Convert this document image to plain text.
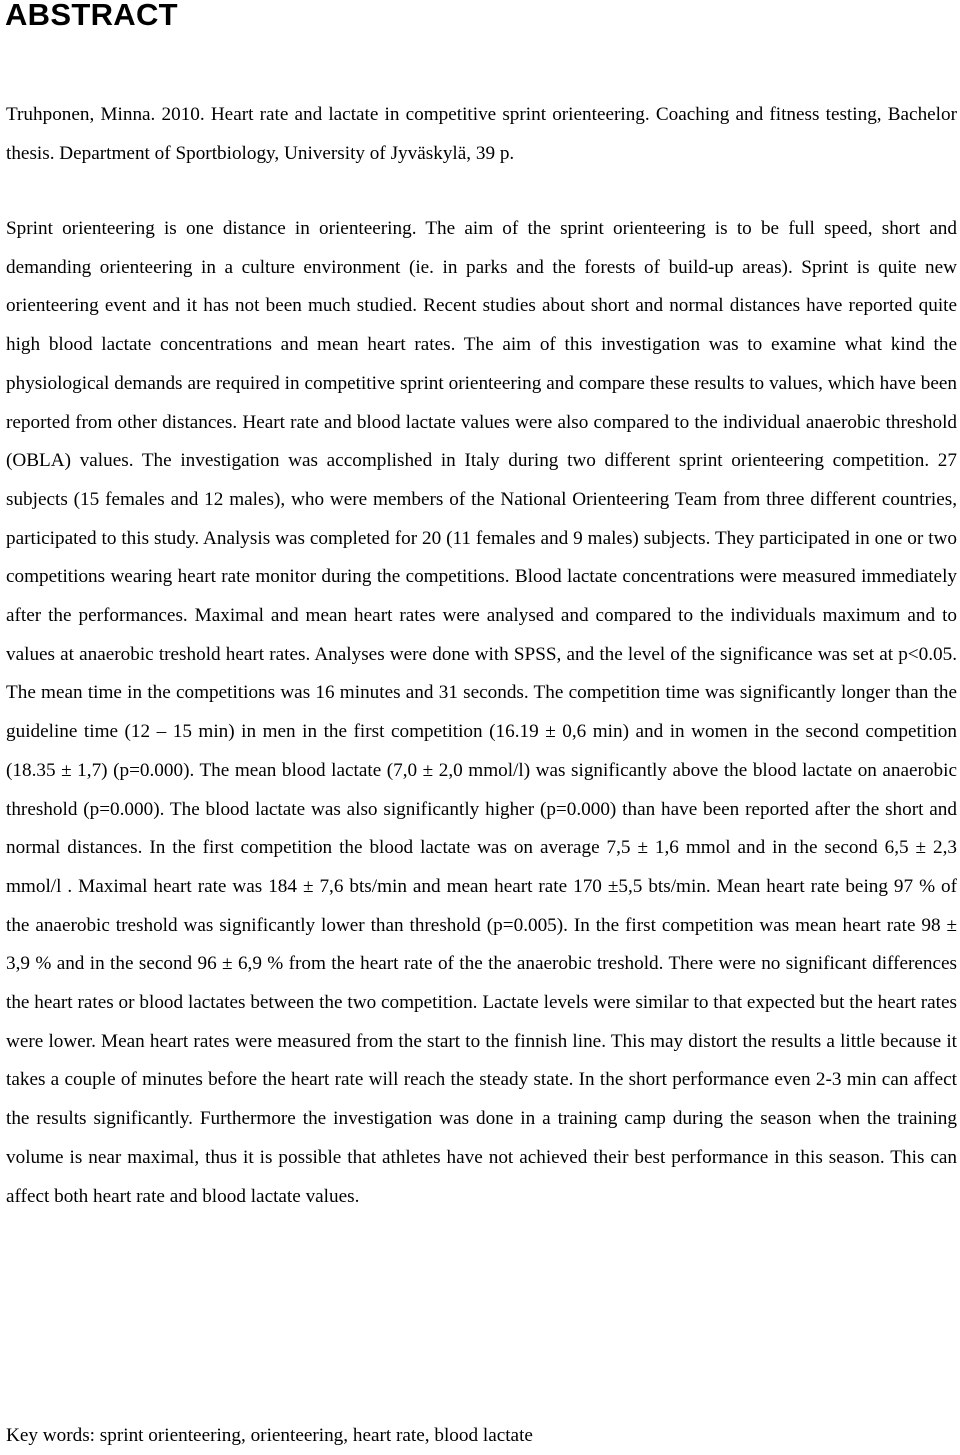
ABSTRACT

Truhponen, Minna. 2010. Heart rate and lactate in competitive sprint orienteering. Coaching and fitness testing, Bachelor thesis. Department of Sportbiology, University of Jyväskylä, 39 p.

Sprint orienteering is one distance in orienteering. The aim of the sprint orienteering is to be full speed, short and demanding orienteering in a culture environment (ie. in parks and the forests of build-up areas). Sprint is quite new orienteering event and it has not been much studied. Recent studies about short and normal distances have reported quite high blood lactate concentrations and mean heart rates. The aim of this investigation was to examine what kind the physiological demands are required in competitive sprint orienteering and compare these results to values, which have been reported from other distances. Heart rate and blood lactate values were also compared to the individual anaerobic threshold (OBLA) values. The investigation was accomplished in Italy during two different sprint orienteering competition. 27 subjects (15 females and 12 males), who were members of the National Orienteering Team from three different countries, participated to this study. Analysis was completed for 20 (11 females and 9 males) subjects. They participated in one or two competitions wearing heart rate monitor during the competitions. Blood lactate concentrations were measured immediately after the performances. Maximal and mean heart rates were analysed and compared to the individuals maximum and to values at anaerobic treshold heart rates. Analyses were done with SPSS, and the level of the significance was set at p<0.05. The mean time in the competitions was 16 minutes and 31 seconds. The competition time was significantly longer than the guideline time (12 – 15 min) in men in the first competition (16.19 ± 0,6 min) and in women in the second competition (18.35 ± 1,7) (p=0.000). The mean blood lactate (7,0 ± 2,0 mmol/l) was significantly above the blood lactate on anaerobic threshold (p=0.000). The blood lactate was also significantly higher (p=0.000) than have been reported after the short and normal distances. In the first competition the blood lactate was on average 7,5 ± 1,6 mmol and in the second 6,5 ± 2,3 mmol/l . Maximal heart rate was 184 ± 7,6 bts/min and mean heart rate 170 ±5,5 bts/min. Mean heart rate being 97 % of the anaerobic treshold was significantly lower than threshold (p=0.005). In the first competition was mean heart rate 98 ± 3,9 % and in the second 96 ± 6,9 % from the heart rate of the the anaerobic treshold. There were no significant differences the heart rates or blood lactates between the two competition. Lactate levels were similar to that expected but the heart rates were lower. Mean heart rates were measured from the start to the finnish line. This may distort the results a little because it takes a couple of minutes before the heart rate will reach the steady state. In the short performance even 2-3 min can affect the results significantly. Furthermore the investigation was done in a training camp during the season when the training volume is near maximal, thus it is possible that athletes have not achieved their best performance in this season. This can affect both heart rate and blood lactate values.

Key words: sprint orienteering, orienteering, heart rate, blood lactate
